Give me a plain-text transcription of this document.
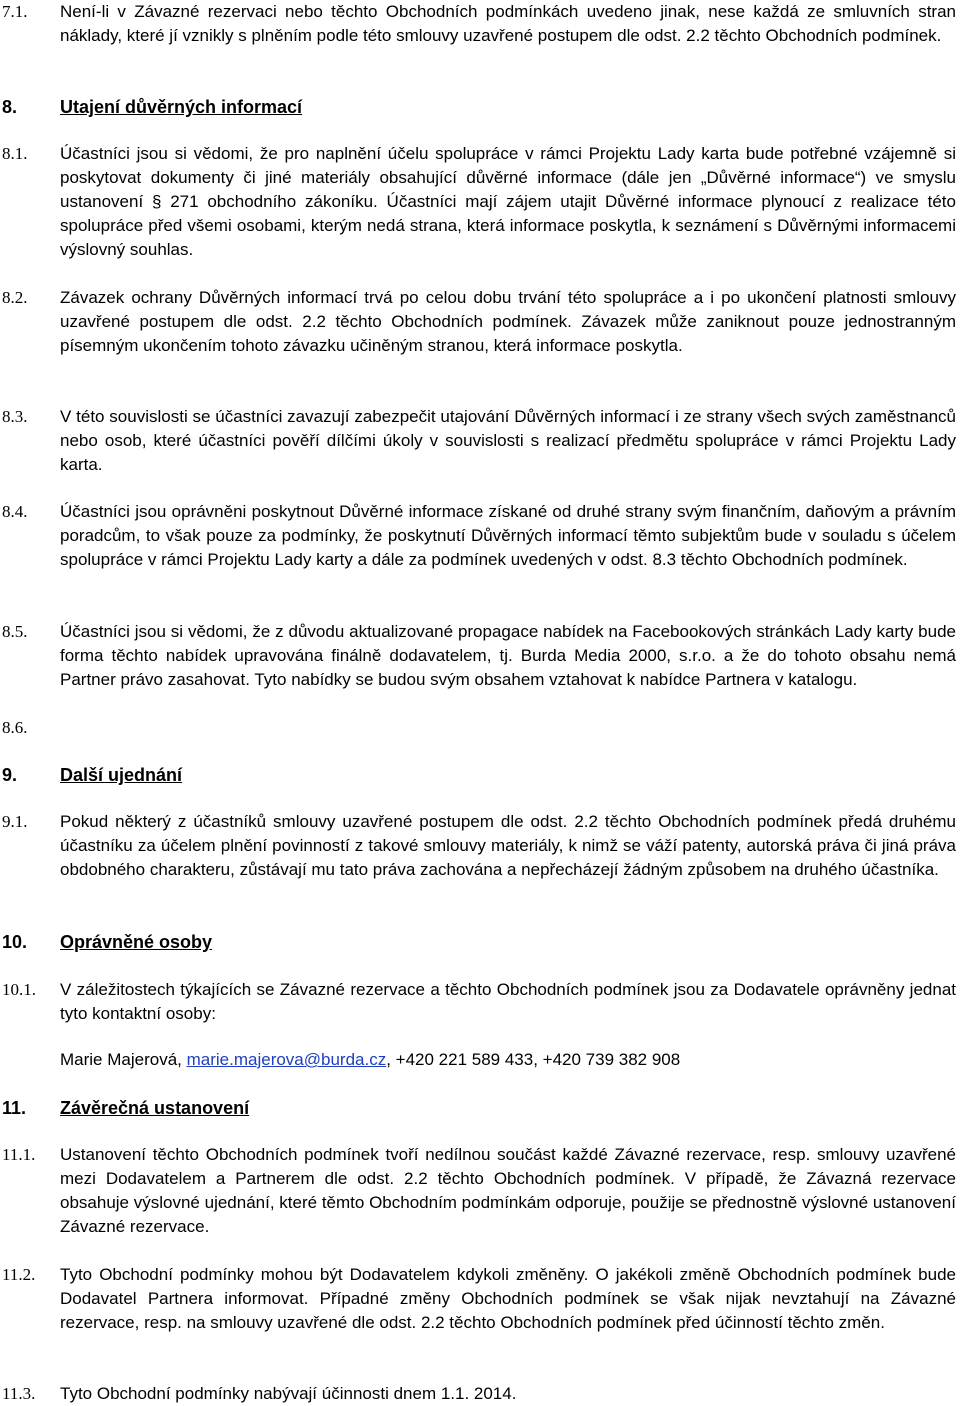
7.1. Není-li v Závazné rezervaci nebo těchto Obchodních podmínkách uvedeno jinak, nese každá ze smluvních stran náklady, které jí vznikly s plněním podle této smlouvy uzavřené postupem dle odst. 2.2 těchto Obchodních podmínek.

8. Utajení důvěrných informací
8.1. Účastníci jsou si vědomi, že pro naplnění účelu spolupráce v rámci Projektu Lady karta bude potřebné vzájemně si poskytovat dokumenty či jiné materiály obsahující důvěrné informace (dále jen „Důvěrné informace“) ve smyslu ustanovení § 271 obchodního zákoníku. Účastníci mají zájem utajit Důvěrné informace plynoucí z realizace této spolupráce před všemi osobami, kterým nedá strana, která informace poskytla, k seznámení s Důvěrnými informacemi výslovný souhlas.

8.2. Závazek ochrany Důvěrných informací trvá po celou dobu trvání této spolupráce a i po ukončení platnosti smlouvy uzavřené postupem dle odst. 2.2 těchto Obchodních podmínek. Závazek může zaniknout pouze jednostranným písemným ukončením tohoto závazku učiněným stranou, která informace poskytla.

8.3. V této souvislosti se účastníci zavazují zabezpečit utajování Důvěrných informací i ze strany všech svých zaměstnanců nebo osob, které účastníci pověří dílčími úkoly v souvislosti s realizací předmětu spolupráce v rámci Projektu Lady karta.

8.4. Účastníci jsou oprávněni poskytnout Důvěrné informace získané od druhé strany svým finančním, daňovým a právním poradcům, to však pouze za podmínky, že poskytnutí Důvěrných informací těmto subjektům bude v souladu s účelem spolupráce v rámci Projektu Lady karty a dále za podmínek uvedených v odst. 8.3 těchto Obchodních podmínek.

8.5. Účastníci jsou si vědomi, že z důvodu aktualizované propagace nabídek na Facebookových stránkách Lady karty bude forma těchto nabídek upravována finálně dodavatelem, tj. Burda Media 2000, s.r.o. a že do tohoto obsahu nemá Partner právo zasahovat. Tyto nabídky se budou svým obsahem vztahovat k nabídce Partnera v katalogu.

8.6.
9. Další ujednání
9.1. Pokud některý z účastníků smlouvy uzavřené postupem dle odst. 2.2 těchto Obchodních podmínek předá druhému účastníku za účelem plnění povinností z takové smlouvy materiály, k nimž se váží patenty, autorská práva či jiná práva obdobného charakteru, zůstávají mu tato práva zachována a nepřecházejí žádným způsobem na druhého účastníka.

10. Oprávněné osoby
10.1. V záležitostech týkajících se Závazné rezervace a těchto Obchodních podmínek jsou za Dodavatele oprávněny jednat tyto kontaktní osoby:

Marie Majerová, marie.majerova@burda.cz, +420 221 589 433, +420 739 382 908

11. Závěrečná ustanovení
11.1. Ustanovení těchto Obchodních podmínek tvoří nedílnou součást každé Závazné rezervace, resp. smlouvy uzavřené mezi Dodavatelem a Partnerem dle odst. 2.2 těchto Obchodních podmínek. V případě, že Závazná rezervace obsahuje výslovné ujednání, které těmto Obchodním podmínkám odporuje, použije se přednostně výslovné ustanovení Závazné rezervace.

11.2. Tyto Obchodní podmínky mohou být Dodavatelem kdykoli změněny. O jakékoli změně Obchodních podmínek bude Dodavatel Partnera informovat. Případné změny Obchodních podmínek se však nijak nevztahují na Závazné rezervace, resp. na smlouvy uzavřené dle odst. 2.2 těchto Obchodních podmínek před účinností těchto změn.

11.3. Tyto Obchodní podmínky nabývají účinnosti dnem 1.1. 2014.
